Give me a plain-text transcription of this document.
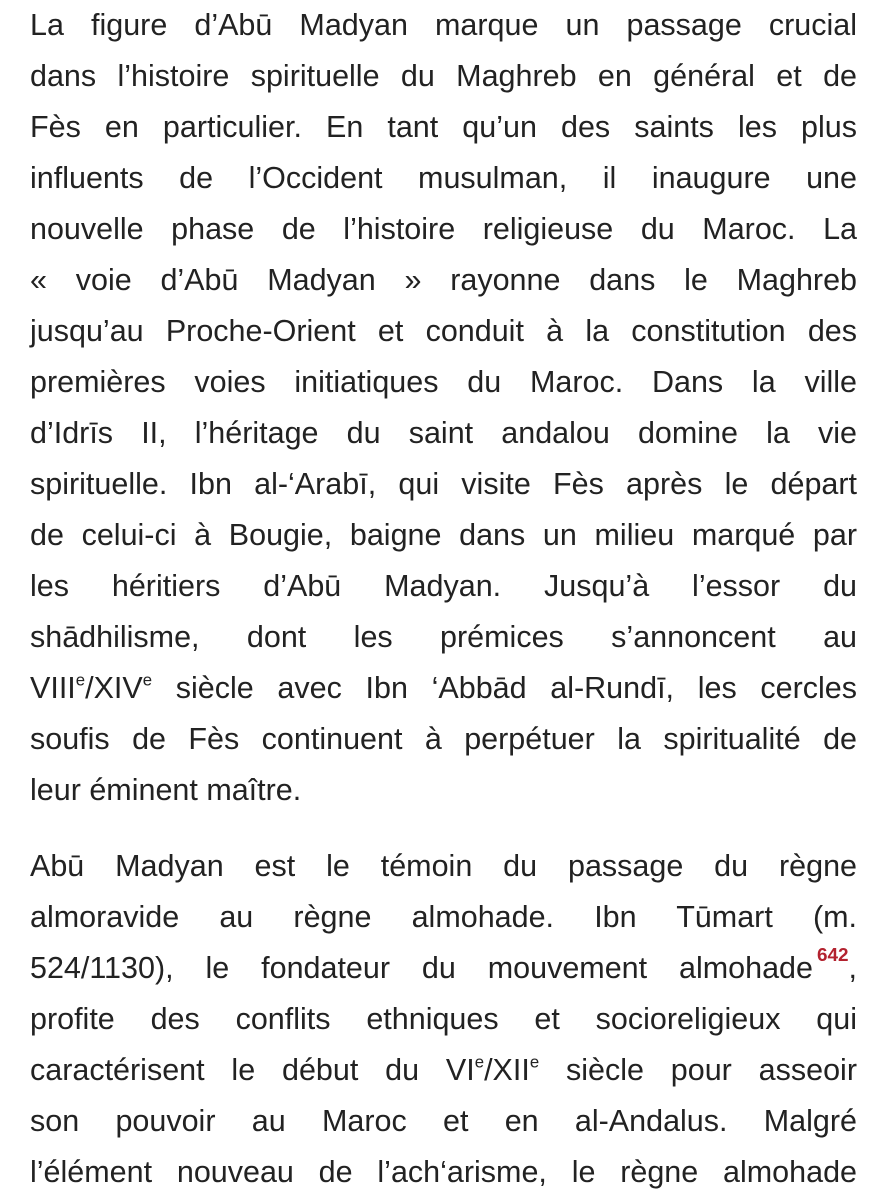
La figure d’Abū Madyan marque un passage crucial
dans l’histoire spirituelle du Maghreb en général et de
Fès en particulier. En tant qu’un des saints les plus
influents de l’Occident musulman, il inaugure une
nouvelle phase de l’histoire religieuse du Maroc. La
« voie d’Abū Madyan » rayonne dans le Maghreb
jusqu’au Proche-Orient et conduit à la constitution des
premières voies initiatiques du Maroc. Dans la ville
d’Idrīs II, l’héritage du saint andalou domine la vie
spirituelle. Ibn al-‘Arabī, qui visite Fès après le départ
de celui-ci à Bougie, baigne dans un milieu marqué par
les héritiers d’Abū Madyan. Jusqu’à l’essor du
shādhilisme, dont les prémices s’annoncent au
VIIIe/XIVe siècle avec Ibn ‘Abbād al-Rundī, les cercles
soufis de Fès continuent à perpétuer la spiritualité de
leur éminent maître.
Abū Madyan est le témoin du passage du règne
almoravide au règne almohade. Ibn Tūmart (m.
524/1130), le fondateur du mouvement almohade $^{642}$,
profite des conflits ethniques et socioreligieux qui
caractérisent le début du VIe/XIIe siècle pour asseoir
son pouvoir au Maroc et en al-Andalus. Malgré
l’élément nouveau de l’ach‘arisme, le règne almohade
